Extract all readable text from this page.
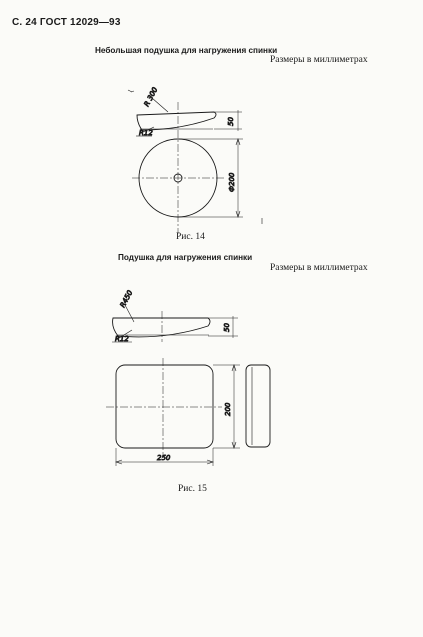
С. 24 ГОСТ 12029—93
Небольшая подушка для нагружения спинки
Размеры в миллиметрах
Рис. 14
Подушка для нагружения спинки
Размеры в миллиметрах
Рис. 15
R 300
50
R12
Ф200
R450
50
R12
200
250
